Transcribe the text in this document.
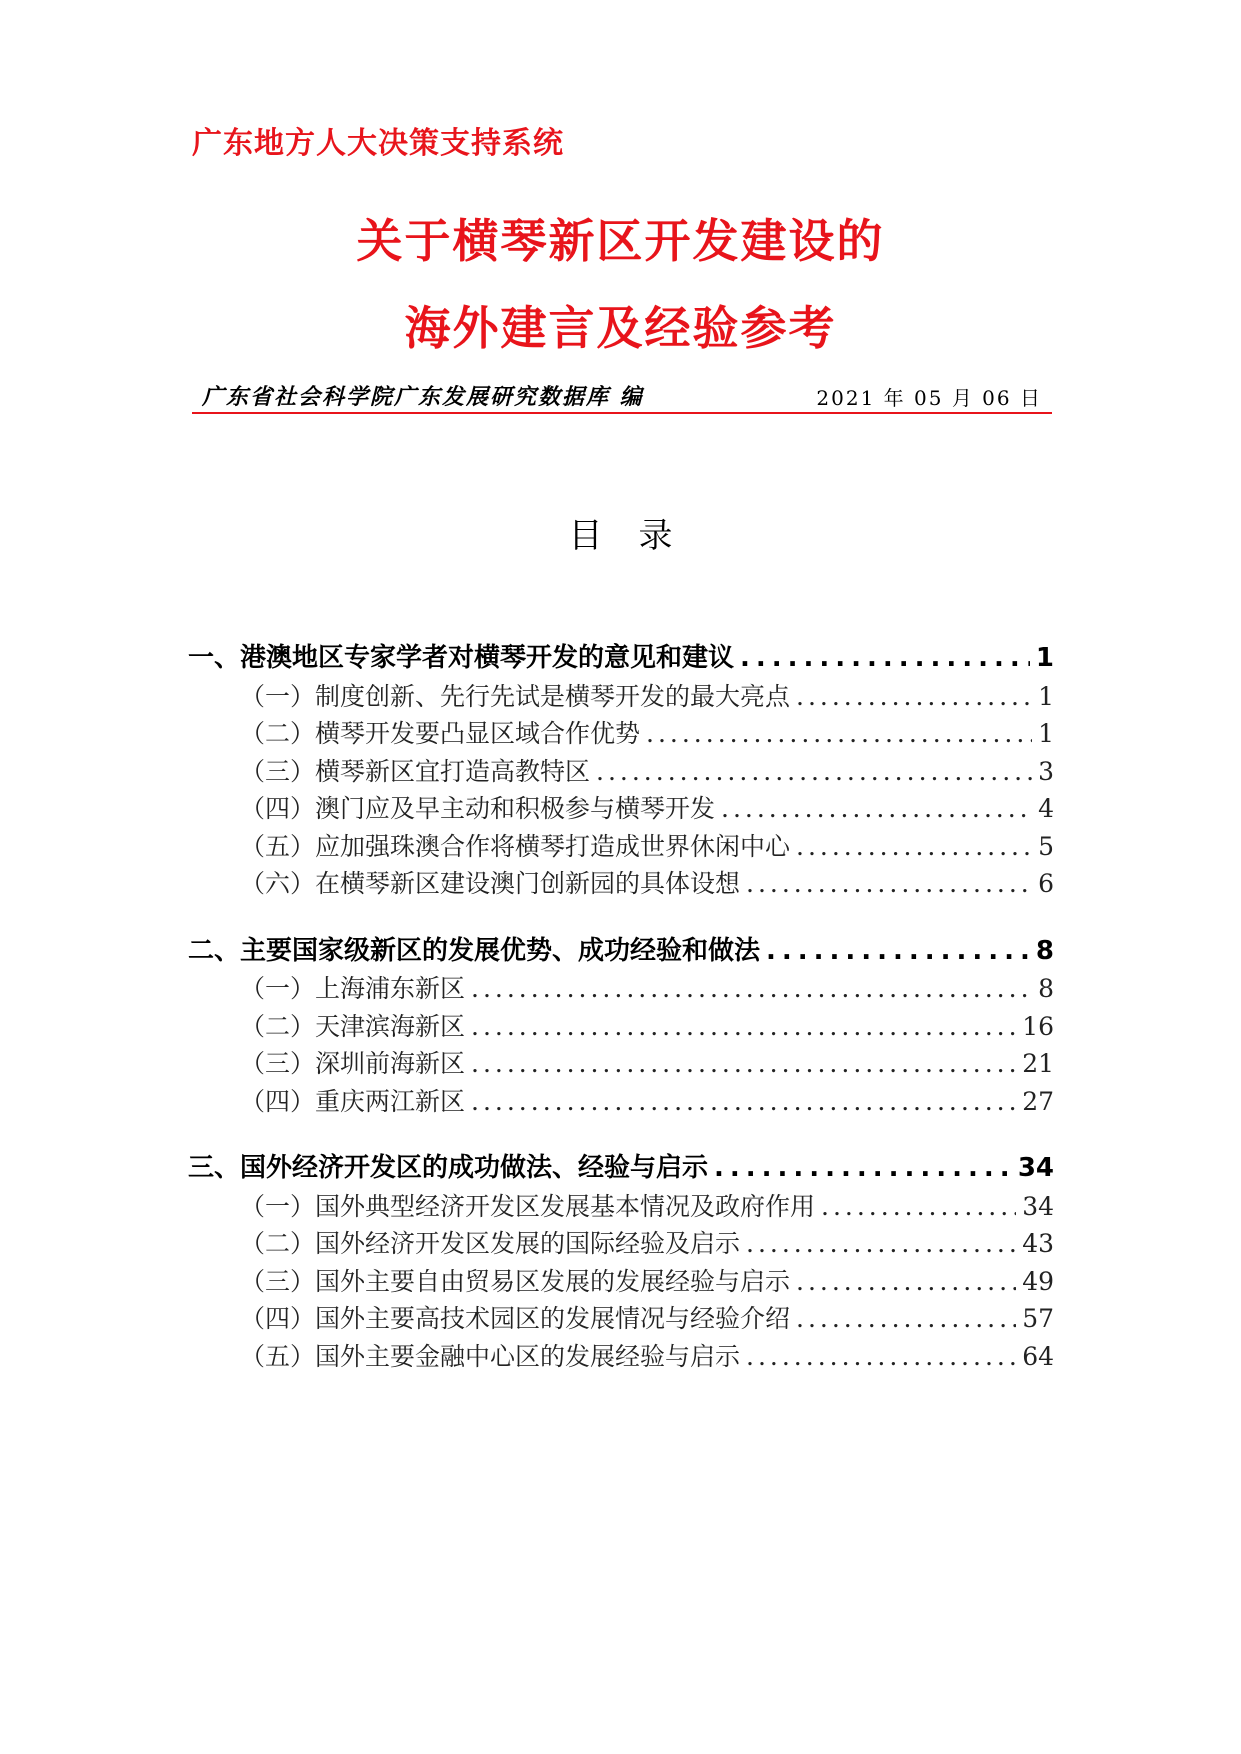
广东地方人大决策支持系统
关于横琴新区开发建设的
海外建言及经验参考
广东省社会科学院广东发展研究数据库 编	2021 年 05 月 06 日
目 录
一、港澳地区专家学者对横琴开发的意见和建议 .....	1
（一）制度创新、先行先试是横琴开发的最大亮点 .....	1
（二）横琴开发要凸显区域合作优势 .....	1
（三）横琴新区宜打造高教特区 .....	3
（四）澳门应及早主动和积极参与横琴开发 .....	4
（五）应加强珠澳合作将横琴打造成世界休闲中心 .....	5
（六）在横琴新区建设澳门创新园的具体设想 .....	6
二、主要国家级新区的发展优势、成功经验和做法 .....	8
（一）上海浦东新区 .....	8
（二）天津滨海新区 .....	16
（三）深圳前海新区 .....	21
（四）重庆两江新区 .....	27
三、国外经济开发区的成功做法、经验与启示 .....	34
（一）国外典型经济开发区发展基本情况及政府作用 .....	34
（二）国外经济开发区发展的国际经验及启示 .....	43
（三）国外主要自由贸易区发展的发展经验与启示 .....	49
（四）国外主要高技术园区的发展情况与经验介绍 .....	57
（五）国外主要金融中心区的发展经验与启示 .....	64
